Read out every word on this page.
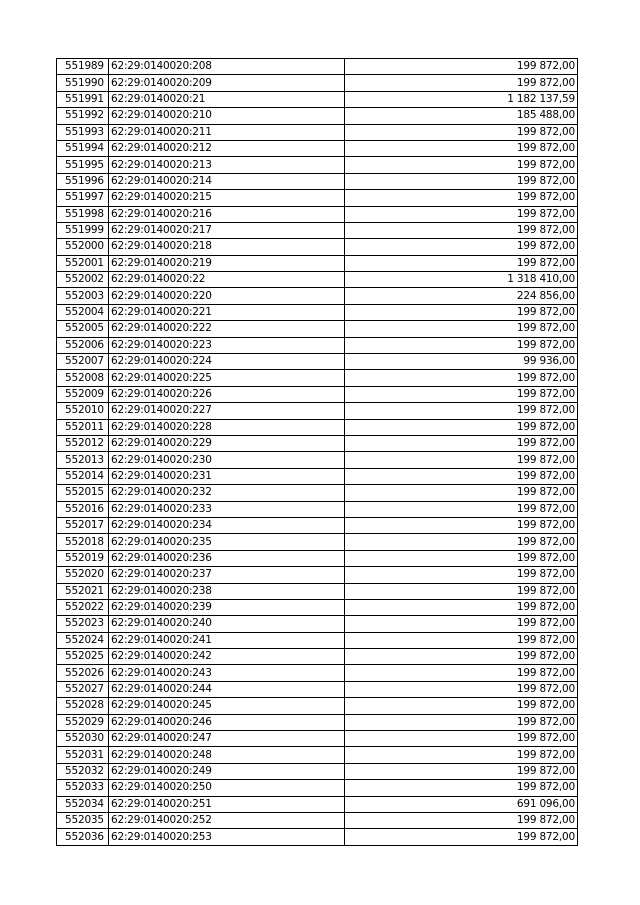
551989	62:29:0140020:208	199 872,00
551990	62:29:0140020:209	199 872,00
551991	62:29:0140020:21	1 182 137,59
551992	62:29:0140020:210	185 488,00
551993	62:29:0140020:211	199 872,00
551994	62:29:0140020:212	199 872,00
551995	62:29:0140020:213	199 872,00
551996	62:29:0140020:214	199 872,00
551997	62:29:0140020:215	199 872,00
551998	62:29:0140020:216	199 872,00
551999	62:29:0140020:217	199 872,00
552000	62:29:0140020:218	199 872,00
552001	62:29:0140020:219	199 872,00
552002	62:29:0140020:22	1 318 410,00
552003	62:29:0140020:220	224 856,00
552004	62:29:0140020:221	199 872,00
552005	62:29:0140020:222	199 872,00
552006	62:29:0140020:223	199 872,00
552007	62:29:0140020:224	99 936,00
552008	62:29:0140020:225	199 872,00
552009	62:29:0140020:226	199 872,00
552010	62:29:0140020:227	199 872,00
552011	62:29:0140020:228	199 872,00
552012	62:29:0140020:229	199 872,00
552013	62:29:0140020:230	199 872,00
552014	62:29:0140020:231	199 872,00
552015	62:29:0140020:232	199 872,00
552016	62:29:0140020:233	199 872,00
552017	62:29:0140020:234	199 872,00
552018	62:29:0140020:235	199 872,00
552019	62:29:0140020:236	199 872,00
552020	62:29:0140020:237	199 872,00
552021	62:29:0140020:238	199 872,00
552022	62:29:0140020:239	199 872,00
552023	62:29:0140020:240	199 872,00
552024	62:29:0140020:241	199 872,00
552025	62:29:0140020:242	199 872,00
552026	62:29:0140020:243	199 872,00
552027	62:29:0140020:244	199 872,00
552028	62:29:0140020:245	199 872,00
552029	62:29:0140020:246	199 872,00
552030	62:29:0140020:247	199 872,00
552031	62:29:0140020:248	199 872,00
552032	62:29:0140020:249	199 872,00
552033	62:29:0140020:250	199 872,00
552034	62:29:0140020:251	691 096,00
552035	62:29:0140020:252	199 872,00
552036	62:29:0140020:253	199 872,00
